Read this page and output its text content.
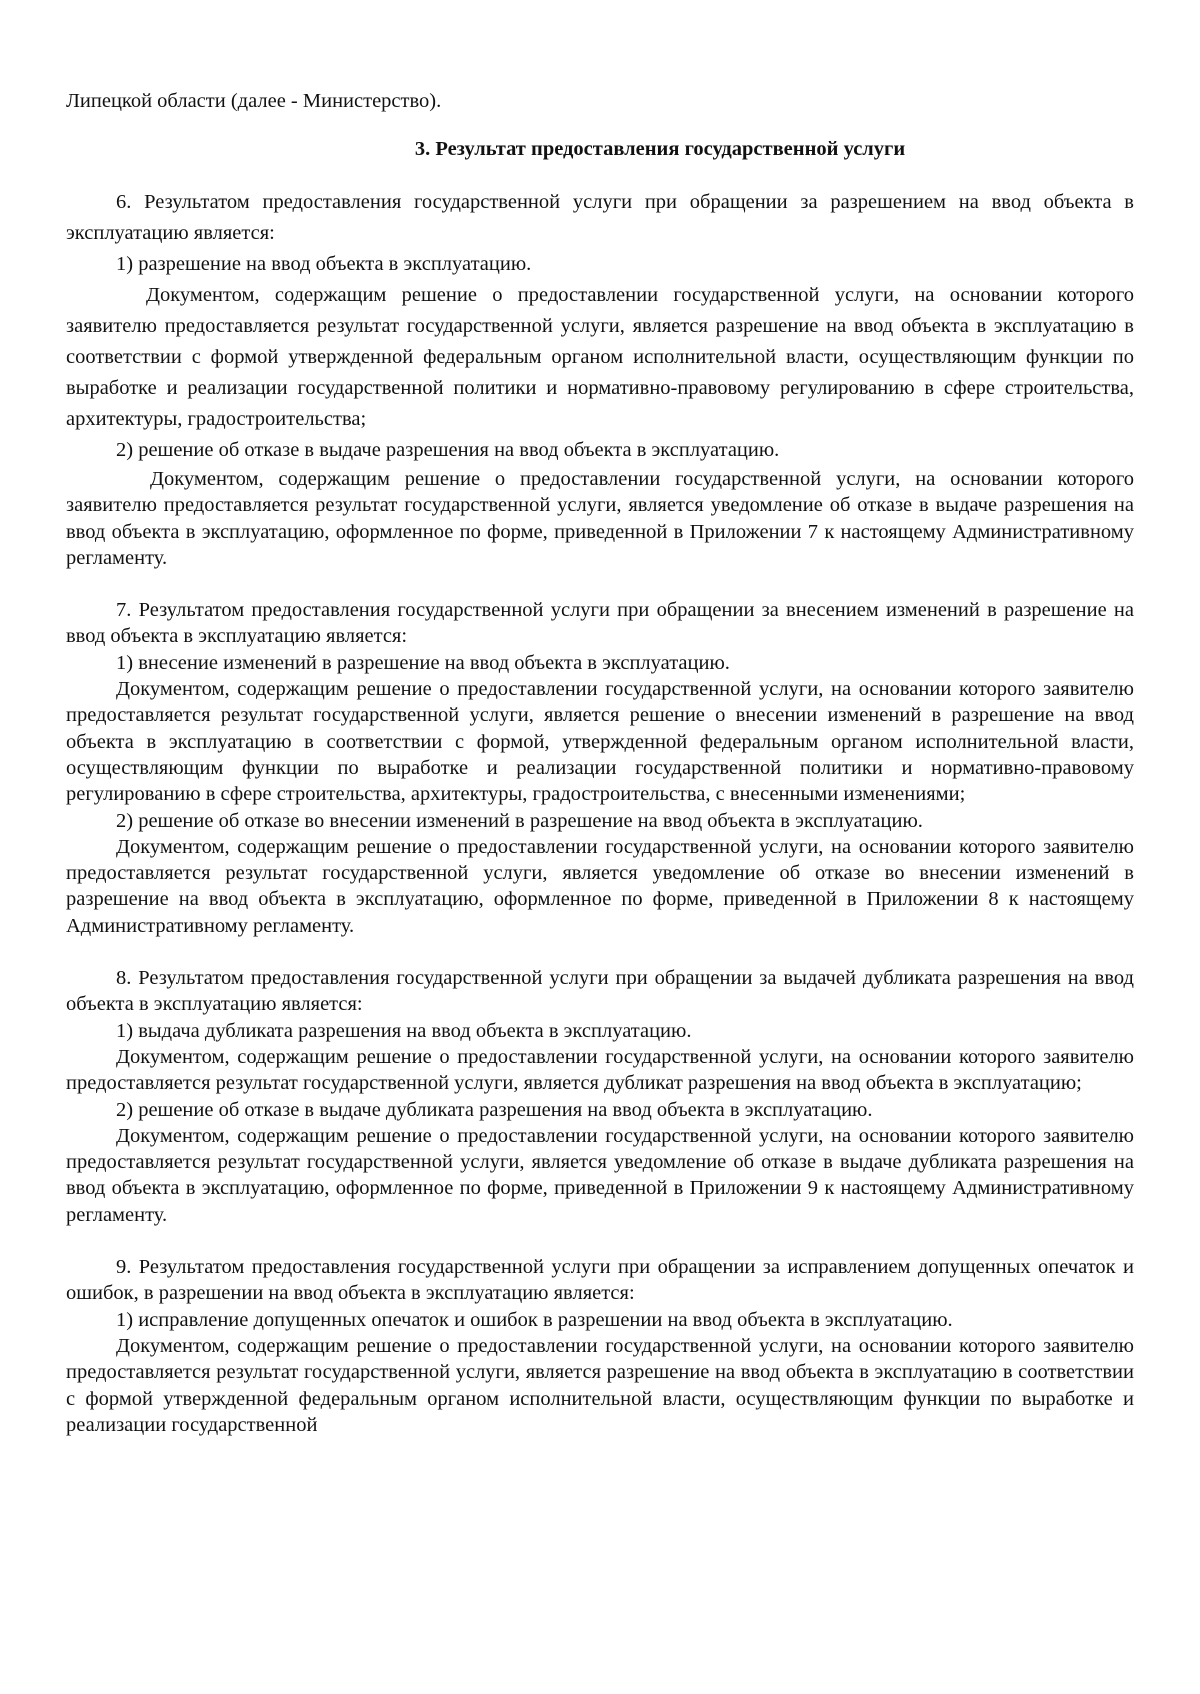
Липецкой области (далее - Министерство).

3. Результат предоставления государственной услуги

6. Результатом предоставления государственной услуги при обращении за разрешением на ввод объекта в эксплуатацию является:

1) разрешение на ввод объекта в эксплуатацию.

Документом, содержащим решение о предоставлении государственной услуги, на основании которого заявителю предоставляется результат государственной услуги, является разрешение на ввод объекта в эксплуатацию в соответствии с формой утвержденной федеральным органом исполнительной власти, осуществляющим функции по выработке и реализации государственной политики и нормативно-правовому регулированию в сфере строительства, архитектуры, градостроительства;

2) решение об отказе в выдаче разрешения на ввод объекта в эксплуатацию.

Документом, содержащим решение о предоставлении государственной услуги, на основании которого заявителю предоставляется результат государственной услуги, является уведомление об отказе в выдаче разрешения на ввод объекта в эксплуатацию, оформленное по форме, приведенной в Приложении 7 к настоящему Административному регламенту.

7. Результатом предоставления государственной услуги при обращении за внесением изменений в разрешение на ввод объекта в эксплуатацию является:

1) внесение изменений в разрешение на ввод объекта в эксплуатацию.

Документом, содержащим решение о предоставлении государственной услуги, на основании которого заявителю предоставляется результат государственной услуги, является решение о внесении изменений в разрешение на ввод объекта в эксплуатацию в соответствии с формой, утвержденной федеральным органом исполнительной власти, осуществляющим функции по выработке и реализации государственной политики и нормативно-правовому регулированию в сфере строительства, архитектуры, градостроительства, с внесенными изменениями;

2) решение об отказе во внесении изменений в разрешение на ввод объекта в эксплуатацию.

Документом, содержащим решение о предоставлении государственной услуги, на основании которого заявителю предоставляется результат государственной услуги, является уведомление об отказе во внесении изменений в разрешение на ввод объекта в эксплуатацию, оформленное по форме, приведенной в Приложении 8 к настоящему Административному регламенту.

8. Результатом предоставления государственной услуги при обращении за выдачей дубликата разрешения на ввод объекта в эксплуатацию является:

1) выдача дубликата разрешения на ввод объекта в эксплуатацию.

Документом, содержащим решение о предоставлении государственной услуги, на основании которого заявителю предоставляется результат государственной услуги, является дубликат разрешения на ввод объекта в эксплуатацию;

2) решение об отказе в выдаче дубликата разрешения на ввод объекта в эксплуатацию.

Документом, содержащим решение о предоставлении государственной услуги, на основании которого заявителю предоставляется результат государственной услуги, является уведомление об отказе в выдаче дубликата разрешения на ввод объекта в эксплуатацию, оформленное по форме, приведенной в Приложении 9 к настоящему Административному регламенту.

9. Результатом предоставления государственной услуги при обращении за исправлением допущенных опечаток и ошибок, в разрешении на ввод объекта в эксплуатацию является:

1) исправление допущенных опечаток и ошибок в разрешении на ввод объекта в эксплуатацию.

Документом, содержащим решение о предоставлении государственной услуги, на основании которого заявителю предоставляется результат государственной услуги, является разрешение на ввод объекта в эксплуатацию в соответствии с формой утвержденной федеральным органом исполнительной власти, осуществляющим функции по выработке и реализации государственной
